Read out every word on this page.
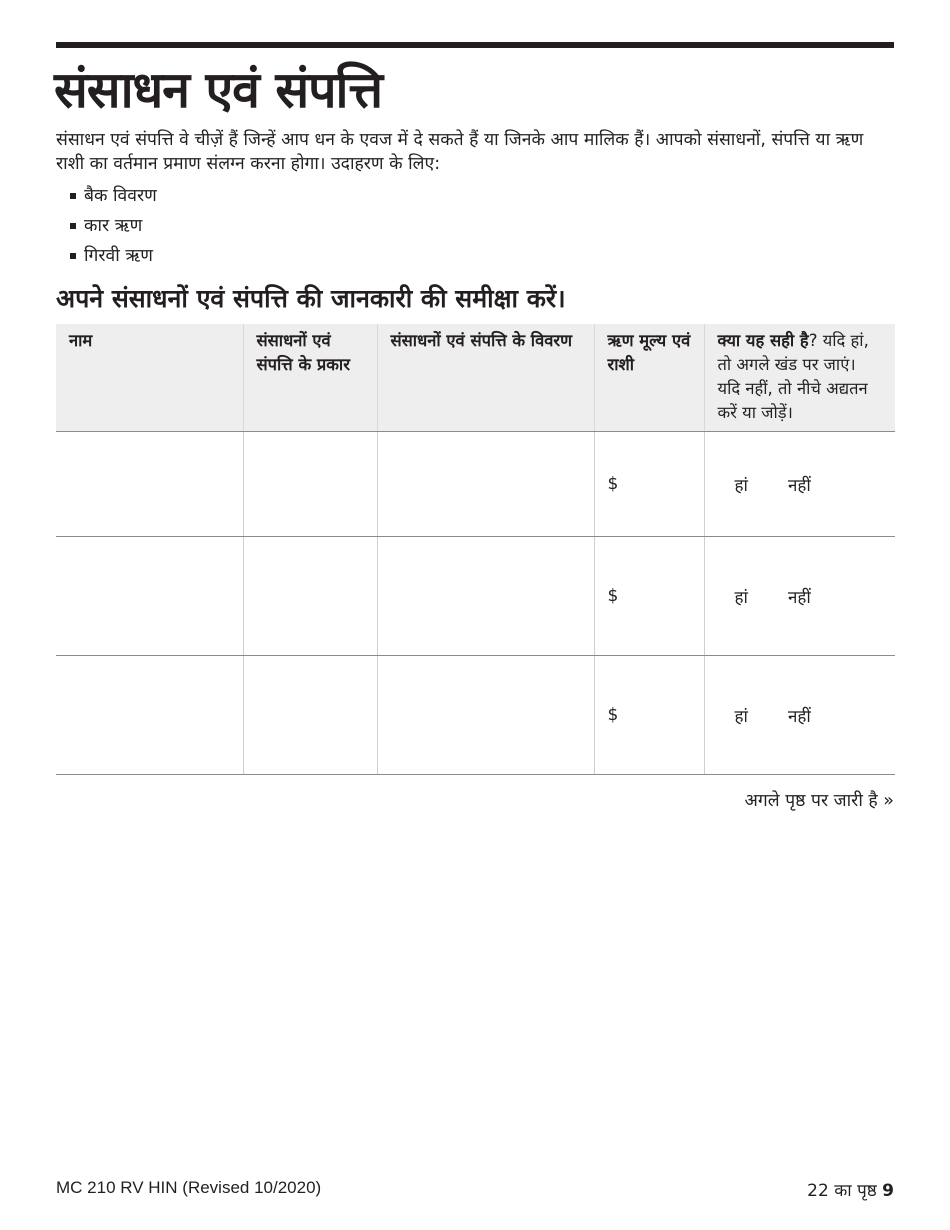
संसाधन एवं संपत्ति

संसाधन एवं संपत्ति वे चीज़ें हैं जिन्हें आप धन के एवज में दे सकते हैं या जिनके आप मालिक हैं। आपको संसाधनों, संपत्ति या ऋण राशी का वर्तमान प्रमाण संलग्न करना होगा। उदाहरण के लिए:

बैक विवरण
कार ऋण
गिरवी ऋण
अपने संसाधनों एवं संपत्ति की जानकारी की समीक्षा करें।
नाम	संसाधनों एवं संपत्ति के प्रकार	संसाधनों एवं संपत्ति के विवरण	ऋण मूल्य एवं राशी	क्या यह सही है? यदि हां, तो अगले खंड पर जाएं। यदि नहीं, तो नीचे अद्यतन करें या जोड़ें।
			$	हां नहीं
			$	हां नहीं
			$	हां नहीं
अगले पृष्ठ पर जारी है »
MC 210 RV HIN (Revised 10/2020)	22 का पृष्ठ 9
